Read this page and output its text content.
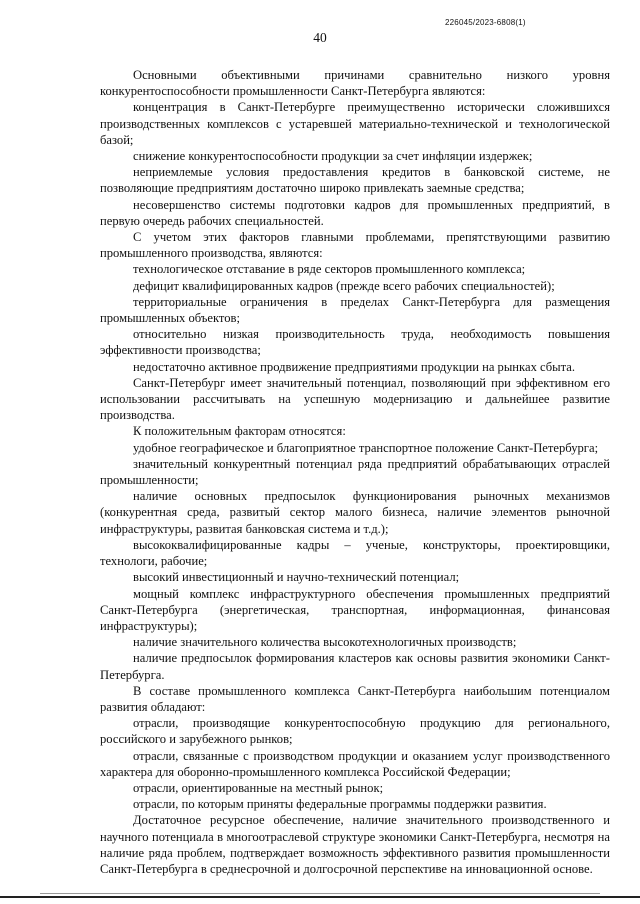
226045/2023-6808(1)
40

Основными объективными причинами сравнительно низкого уровня конкурентоспособности промышленности Санкт-Петербурга являются:

концентрация в Санкт-Петербурге преимущественно исторически сложившихся производственных комплексов с устаревшей материально-технической и технологической базой;

снижение конкурентоспособности продукции за счет инфляции издержек;

неприемлемые условия предоставления кредитов в банковской системе, не позволяющие предприятиям достаточно широко привлекать заемные средства;

несовершенство системы подготовки кадров для промышленных предприятий, в первую очередь рабочих специальностей.

С учетом этих факторов главными проблемами, препятствующими развитию промышленного производства, являются:

технологическое отставание в ряде секторов промышленного комплекса;

дефицит квалифицированных кадров (прежде всего рабочих специальностей);

территориальные ограничения в пределах Санкт-Петербурга для размещения промышленных объектов;

относительно низкая производительность труда, необходимость повышения эффективности производства;

недостаточно активное продвижение предприятиями продукции на рынках сбыта.

Санкт-Петербург имеет значительный потенциал, позволяющий при эффективном его использовании рассчитывать на успешную модернизацию и дальнейшее развитие производства.

К положительным факторам относятся:

удобное географическое и благоприятное транспортное положение Санкт-Петербурга;

значительный конкурентный потенциал ряда предприятий обрабатывающих отраслей промышленности;

наличие основных предпосылок функционирования рыночных механизмов (конкурентная среда, развитый сектор малого бизнеса, наличие элементов рыночной инфраструктуры, развитая банковская система и т.д.);

высококвалифицированные кадры – ученые, конструкторы, проектировщики, технологи, рабочие;

высокий инвестиционный и научно-технический потенциал;

мощный комплекс инфраструктурного обеспечения промышленных предприятий Санкт-Петербурга (энергетическая, транспортная, информационная, финансовая инфраструктуры);

наличие значительного количества высокотехнологичных производств;

наличие предпосылок формирования кластеров как основы развития экономики Санкт-Петербурга.

В составе промышленного комплекса Санкт-Петербурга наибольшим потенциалом развития обладают:

отрасли, производящие конкурентоспособную продукцию для регионального, российского и зарубежного рынков;

отрасли, связанные с производством продукции и оказанием услуг производственного характера для оборонно-промышленного комплекса Российской Федерации;

отрасли, ориентированные на местный рынок;

отрасли, по которым приняты федеральные программы поддержки развития.

Достаточное ресурсное обеспечение, наличие значительного производственного и научного потенциала в многоотраслевой структуре экономики Санкт-Петербурга, несмотря на наличие ряда проблем, подтверждает возможность эффективного развития промышленности Санкт-Петербурга в среднесрочной и долгосрочной перспективе на инновационной основе.
